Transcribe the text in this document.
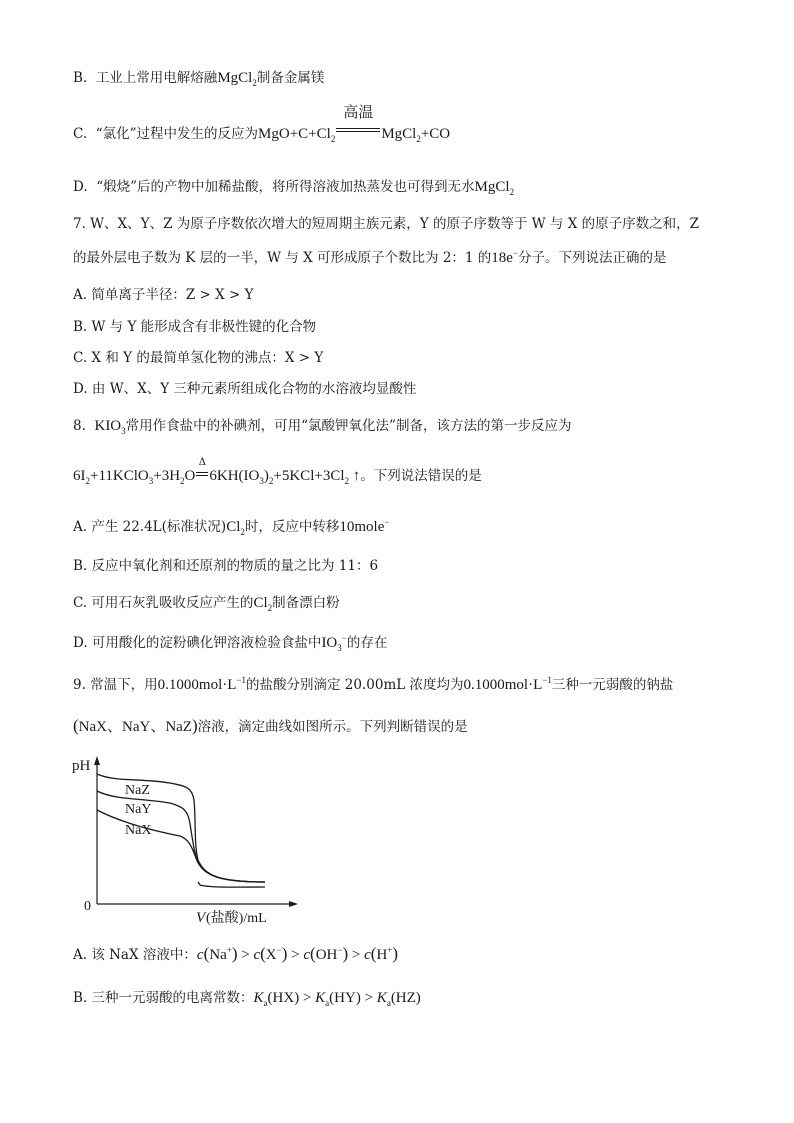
B. 工业上常用电解熔融MgCl$_2$制备金属镁
C. “氯化”过程中发生的反应为$MgO+C+Cl_2$
高温
MgCl$_2$+CO
D. “煅烧”后的产物中加稀盐酸，将所得溶液加热蒸发也可得到无水MgCl$_2$
7. W、X、Y、Z 为原子序数依次增大的短周期主族元素，Y 的原子序数等于 W 与 X 的原子序数之和，Z
的最外层电子数为 K 层的一半，W 与 X 可形成原子个数比为 2：1 的18e−分子。下列说法正确的是
A. 简单离子半径：Z > X > Y
B. W 与 Y 能形成含有非极性键的化合物
C. X 和 Y 的最简单氢化物的沸点：X > Y
D. 由 W、X、Y 三种元素所组成化合物的水溶液均显酸性
8. $KIO_3$常用作食盐中的补碘剂，可用“氯酸钾氧化法”制备，该方法的第一步反应为
$6I_2+11KClO_3+3H_2O$
Δ
$6KH(IO_3)_2+5KCl+3Cl_2$ ↑。下列说法错误的是
A. 产生 22.4L(标准状况)$Cl_2$时，反应中转移10mole−
B. 反应中氧化剂和还原剂的物质的量之比为 11：6
C. 可用石灰乳吸收反应产生的$Cl_2$制备漂白粉
D. 可用酸化的淀粉碘化钾溶液检验食盐中$IO_3^-$的存在
9. 常温下，用$0.1000mol\cdot L^{-1}$的盐酸分别滴定 20.00mL 浓度均为$0.1000mol\cdot L^{-1}$三种一元弱酸的钠盐
(NaX、NaY、NaZ)溶液，滴定曲线如图所示。下列判断错误的是
pH
0
V (盐酸)/mL
NaZ
NaY
NaX
A. 该 NaX 溶液中：c(Na+) > c(X−) > c(OH−) > c(H+)
B. 三种一元弱酸的电离常数：$K_a(HX) > K_a(HY) > K_a(HZ)$
